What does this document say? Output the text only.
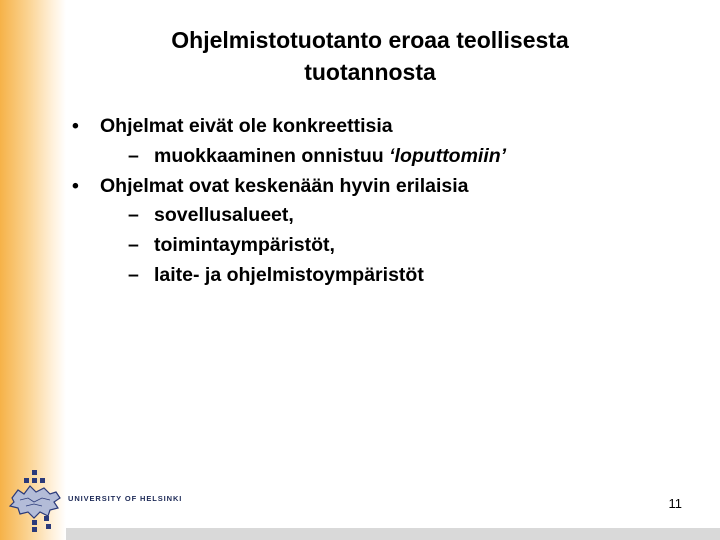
Ohjelmistotuotanto eroaa teollisesta tuotannosta
• Ohjelmat eivät ole konkreettisia
– muokkaaminen onnistuu ‘loputtomiin’
• Ohjelmat ovat keskenään hyvin erilaisia
– sovellusalueet,
– toimintaympäristöt,
– laite- ja ohjelmistoympäristöt
UNIVERSITY OF HELSINKI	11
